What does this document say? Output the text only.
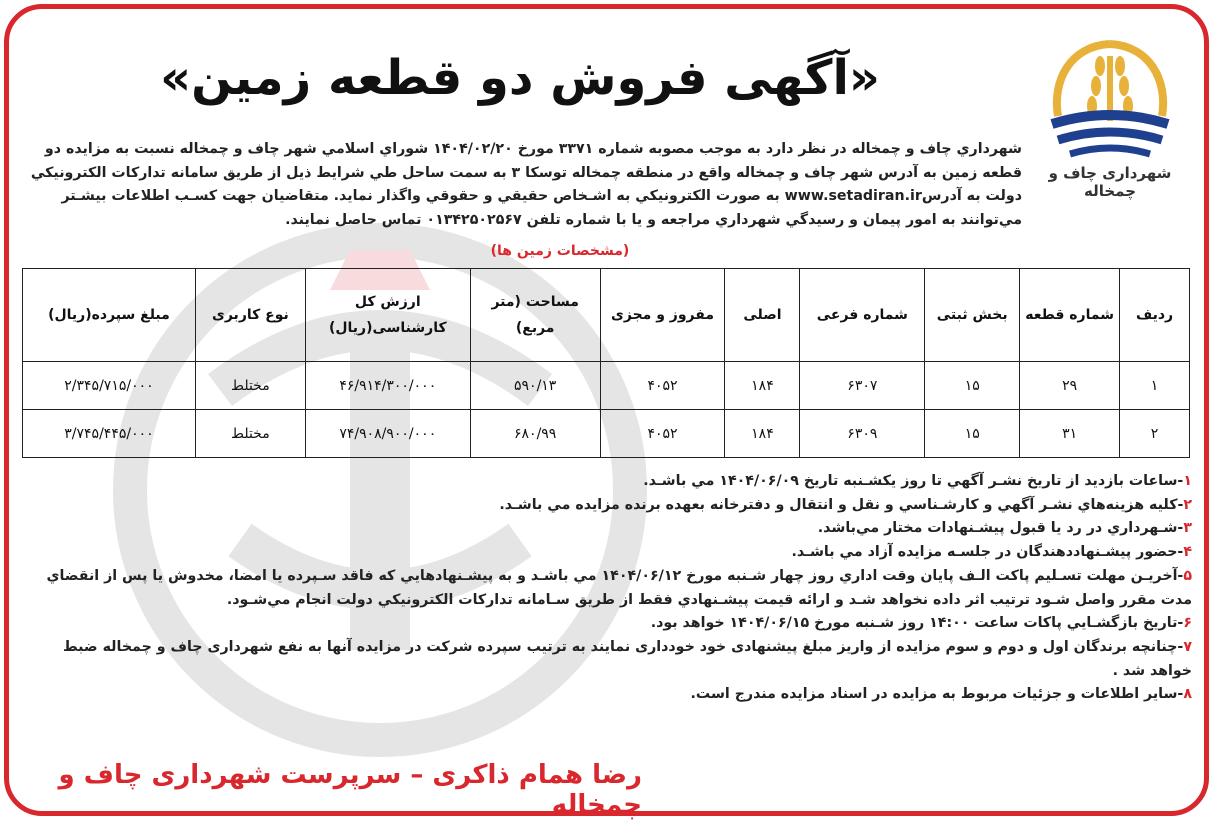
شهرداری چاف و چمخاله
«آگهی فروش دو قطعه زمین»

شهرداري چاف و چمخاله در نظر دارد به موجب مصوبه شماره ۳۳۷۱ مورخ ۱۴۰۴/۰۲/۲۰ شوراي اسلامي شهر چاف و چمخاله نسبت به مزايده دو

قطعه زمين به آدرس شهر چاف و چمخاله واقع در منطقه چمخاله توسكا ۳ به سمت ساحل طي شرايط ذيل از طريق سامانه تداركات الكترونيكي

دولت به آدرسwww.setadiran.ir به صورت الكترونيكي به اشـخاص حقيقي و حقوقي واگذار نمايد. متقاضيان جهت كسـب اطلاعات بيشـتر

مي‌توانند به امور پيمان و رسيدگي شهرداري مراجعه و يا با شماره تلفن ۰۱۳۴۲۵۰۲۵۶۷ تماس حاصل نمايند.

(مشخصات زمین ها)
رديف	شماره قطعه	بخش ثبتی	شماره فرعی	اصلی	مفروز و مجزی	مساحت (متر مربع)	ارزش كل كارشناسی(ريال)	نوع كاربری	مبلغ سپرده(ريال)
۱	۲۹	۱۵	۶۳۰۷	۱۸۴	۴۰۵۲	۵۹۰/۱۳	۴۶/۹۱۴/۳۰۰/۰۰۰	مختلط	۲/۳۴۵/۷۱۵/۰۰۰
۲	۳۱	۱۵	۶۳۰۹	۱۸۴	۴۰۵۲	۶۸۰/۹۹	۷۴/۹۰۸/۹۰۰/۰۰۰	مختلط	۳/۷۴۵/۴۴۵/۰۰۰

۱-ساعات بازديد از تاريخ نشـر آگهي تا روز يكشـنبه تاريخ ۱۴۰۴/۰۶/۰۹ مي باشـد.

۲-كليه هزينه‌هاي نشـر آگهي و كارشـناسي و نقل و انتقال و دفترخانه بعهده برنده مزايده مي باشـد.

۳-شـهرداري در رد يا قبول پيشـنهادات مختار مي‌باشد.

۴-حضور پيشـنهاددهندگان در جلسـه مزايده آزاد مي باشـد.

۵-آخريـن مهلت تسـليم پاكت الـف پايان وقت اداري روز چهار شـنبه مورخ ۱۴۰۴/۰۶/۱۲ مي باشـد و به پيشـنهادهايي كه فاقد سـپرده يا امضا، مخدوش يا پس از انقضاي مدت مقرر واصل شـود ترتيب اثر داده نخواهد شـد و ارائه قيمت پيشـنهادي فقط از طريق سـامانه تداركات الكترونيكي دولت انجام مي‌شـود.

۶-تاريخ بازگشـايي پاكات ساعت ۱۴:۰۰ روز شـنبه مورخ ۱۴۰۴/۰۶/۱۵ خواهد بود.

۷-چنانچه برندگان اول و دوم و سوم مزايده از واريز مبلغ پيشنهادی خود خودداری نمايند به ترتيب سپرده شركت در مزايده آنها به نفع شهرداری چاف و چمخاله ضبط خواهد شد .

۸-ساير اطلاعات و جزئيات مربوط به مزايده در اسناد مزايده مندرج است.

رضا همام ذاكری – سرپرست شهرداری چاف و چمخاله
